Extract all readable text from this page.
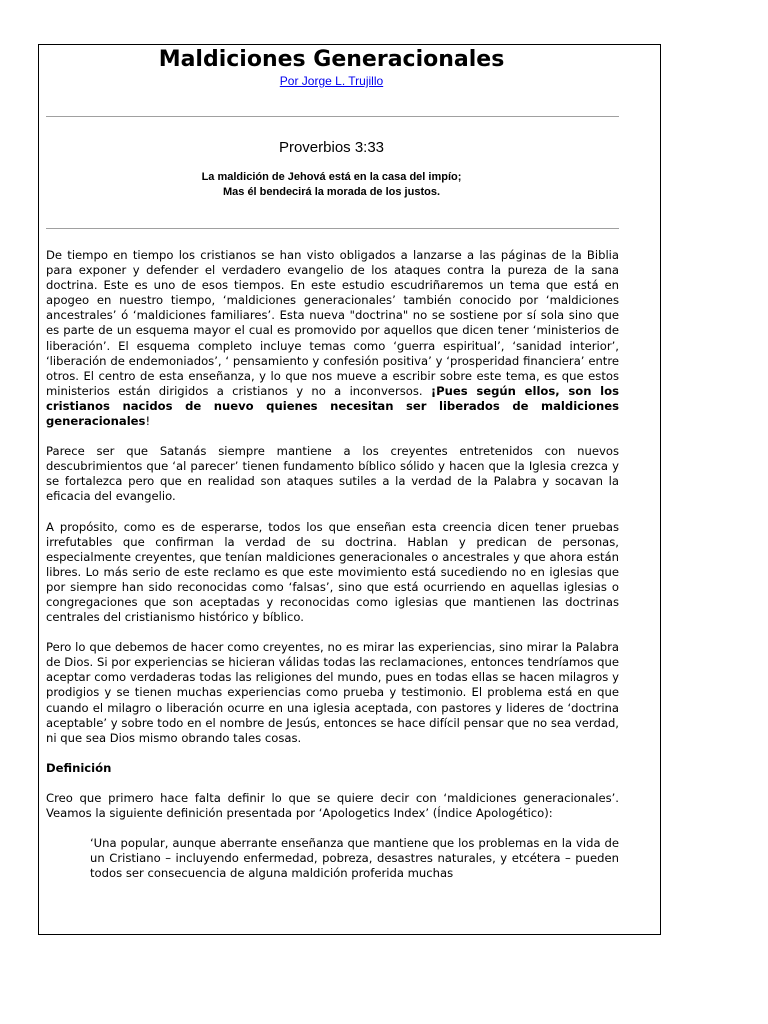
Maldiciones Generacionales
Por Jorge L. Trujillo
Proverbios 3:33
La maldición de Jehová está en la casa del impío;
Mas él bendecirá la morada de los justos.

De tiempo en tiempo los cristianos se han visto obligados a lanzarse a las páginas de la Biblia para exponer y defender el verdadero evangelio de los ataques contra la pureza de la sana doctrina. Este es uno de esos tiempos. En este estudio escudriñaremos un tema que está en apogeo en nuestro tiempo, ‘maldiciones generacionales’ también conocido por ‘maldiciones ancestrales’ ó ‘maldiciones familiares’. Esta nueva "doctrina" no se sostiene por sí sola sino que es parte de un esquema mayor el cual es promovido por aquellos que dicen tener ‘ministerios de liberación’. El esquema completo incluye temas como ‘guerra espiritual’, ‘sanidad interior’, ‘liberación de endemoniados’, ‘ pensamiento y confesión positiva’ y ‘prosperidad financiera’ entre otros. El centro de esta enseñanza, y lo que nos mueve a escribir sobre este tema, es que estos ministerios están dirigidos a cristianos y no a inconversos. ¡Pues según ellos, son los cristianos nacidos de nuevo quienes necesitan ser liberados de maldiciones generacionales!

Parece ser que Satanás siempre mantiene a los creyentes entretenidos con nuevos descubrimientos que ‘al parecer’ tienen fundamento bíblico sólido y hacen que la Iglesia crezca y se fortalezca pero que en realidad son ataques sutiles a la verdad de la Palabra y socavan la eficacia del evangelio.

A propósito, como es de esperarse, todos los que enseñan esta creencia dicen tener pruebas irrefutables que confirman la verdad de su doctrina. Hablan y predican de personas, especialmente creyentes, que tenían maldiciones generacionales o ancestrales y que ahora están libres. Lo más serio de este reclamo es que este movimiento está sucediendo no en iglesias que por siempre han sido reconocidas como ‘falsas’, sino que está ocurriendo en aquellas iglesias o congregaciones que son aceptadas y reconocidas como iglesias que mantienen las doctrinas centrales del cristianismo histórico y bíblico.

Pero lo que debemos de hacer como creyentes, no es mirar las experiencias, sino mirar la Palabra de Dios. Si por experiencias se hicieran válidas todas las reclamaciones, entonces tendríamos que aceptar como verdaderas todas las religiones del mundo, pues en todas ellas se hacen milagros y prodigios y se tienen muchas experiencias como prueba y testimonio. El problema está en que cuando el milagro o liberación ocurre en una iglesia aceptada, con pastores y lideres de ‘doctrina aceptable’ y sobre todo en el nombre de Jesús, entonces se hace difícil pensar que no sea verdad, ni que sea Dios mismo obrando tales cosas.

Definición

Creo que primero hace falta definir lo que se quiere decir con ‘maldiciones generacionales’. Veamos la siguiente definición presentada por ‘Apologetics Index’ (Índice Apologético):

‘Una popular, aunque aberrante enseñanza que mantiene que los problemas en la vida de un Cristiano – incluyendo enfermedad, pobreza, desastres naturales, y etcétera – pueden todos ser consecuencia de alguna maldición proferida muchas
